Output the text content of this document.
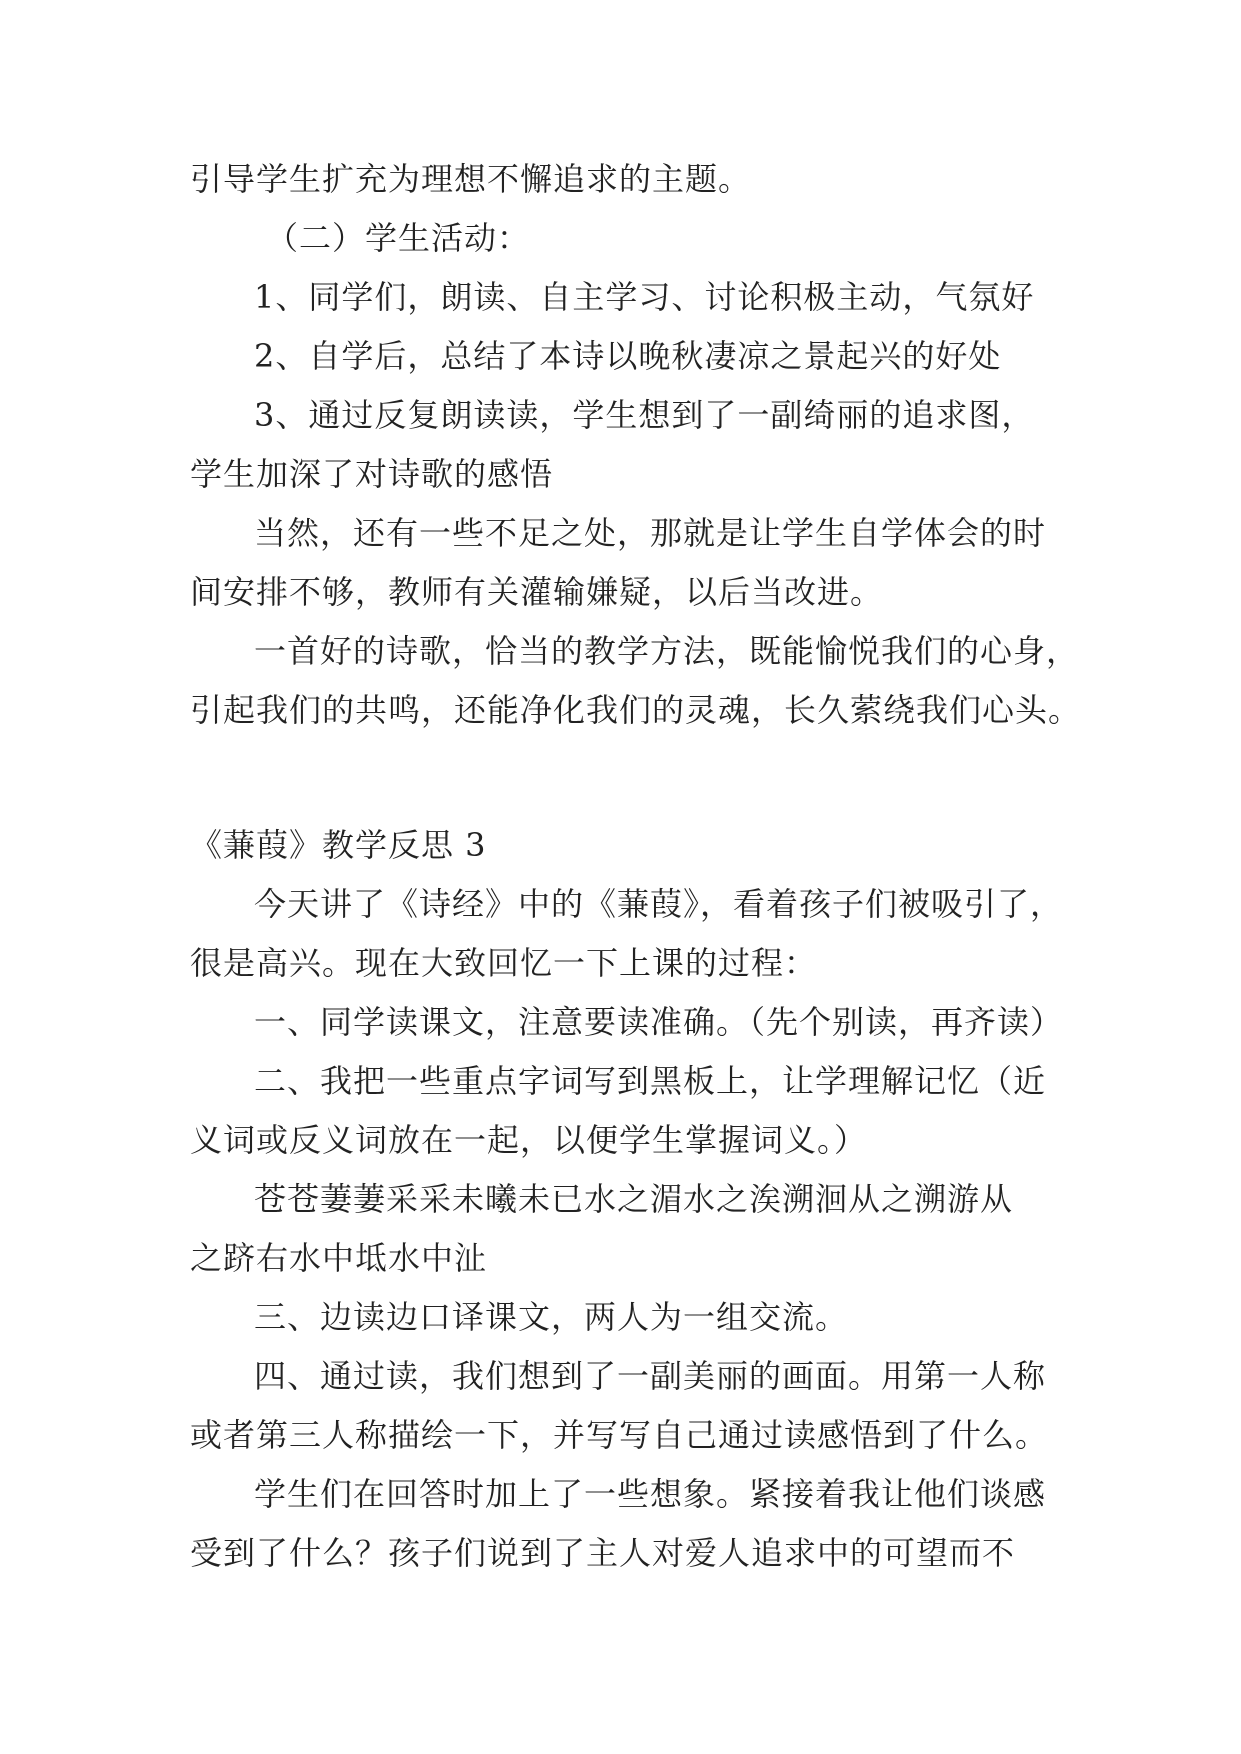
引导学生扩充为理想不懈追求的主题。
（二）学生活动：
1、同学们，朗读、自主学习、讨论积极主动，气氛好
2、自学后，总结了本诗以晚秋凄凉之景起兴的好处
3、通过反复朗读读，学生想到了一副绮丽的追求图，
学生加深了对诗歌的感悟
当然，还有一些不足之处，那就是让学生自学体会的时
间安排不够，教师有关灌输嫌疑，以后当改进。
一首好的诗歌，恰当的教学方法，既能愉悦我们的心身，
引起我们的共鸣，还能净化我们的灵魂，长久萦绕我们心头。
《蒹葭》教学反思 3
今天讲了《诗经》中的《蒹葭》，看着孩子们被吸引了，
很是高兴。现在大致回忆一下上课的过程：
一、同学读课文，注意要读准确。（先个别读，再齐读）
二、我把一些重点字词写到黑板上，让学理解记忆（近
义词或反义词放在一起，以便学生掌握词义。）
苍苍萋萋采采未曦未已水之湄水之涘溯洄从之溯游从
之跻右水中坻水中沚
三、边读边口译课文，两人为一组交流。
四、通过读，我们想到了一副美丽的画面。用第一人称
或者第三人称描绘一下，并写写自己通过读感悟到了什么。
学生们在回答时加上了一些想象。紧接着我让他们谈感
受到了什么？孩子们说到了主人对爱人追求中的可望而不
